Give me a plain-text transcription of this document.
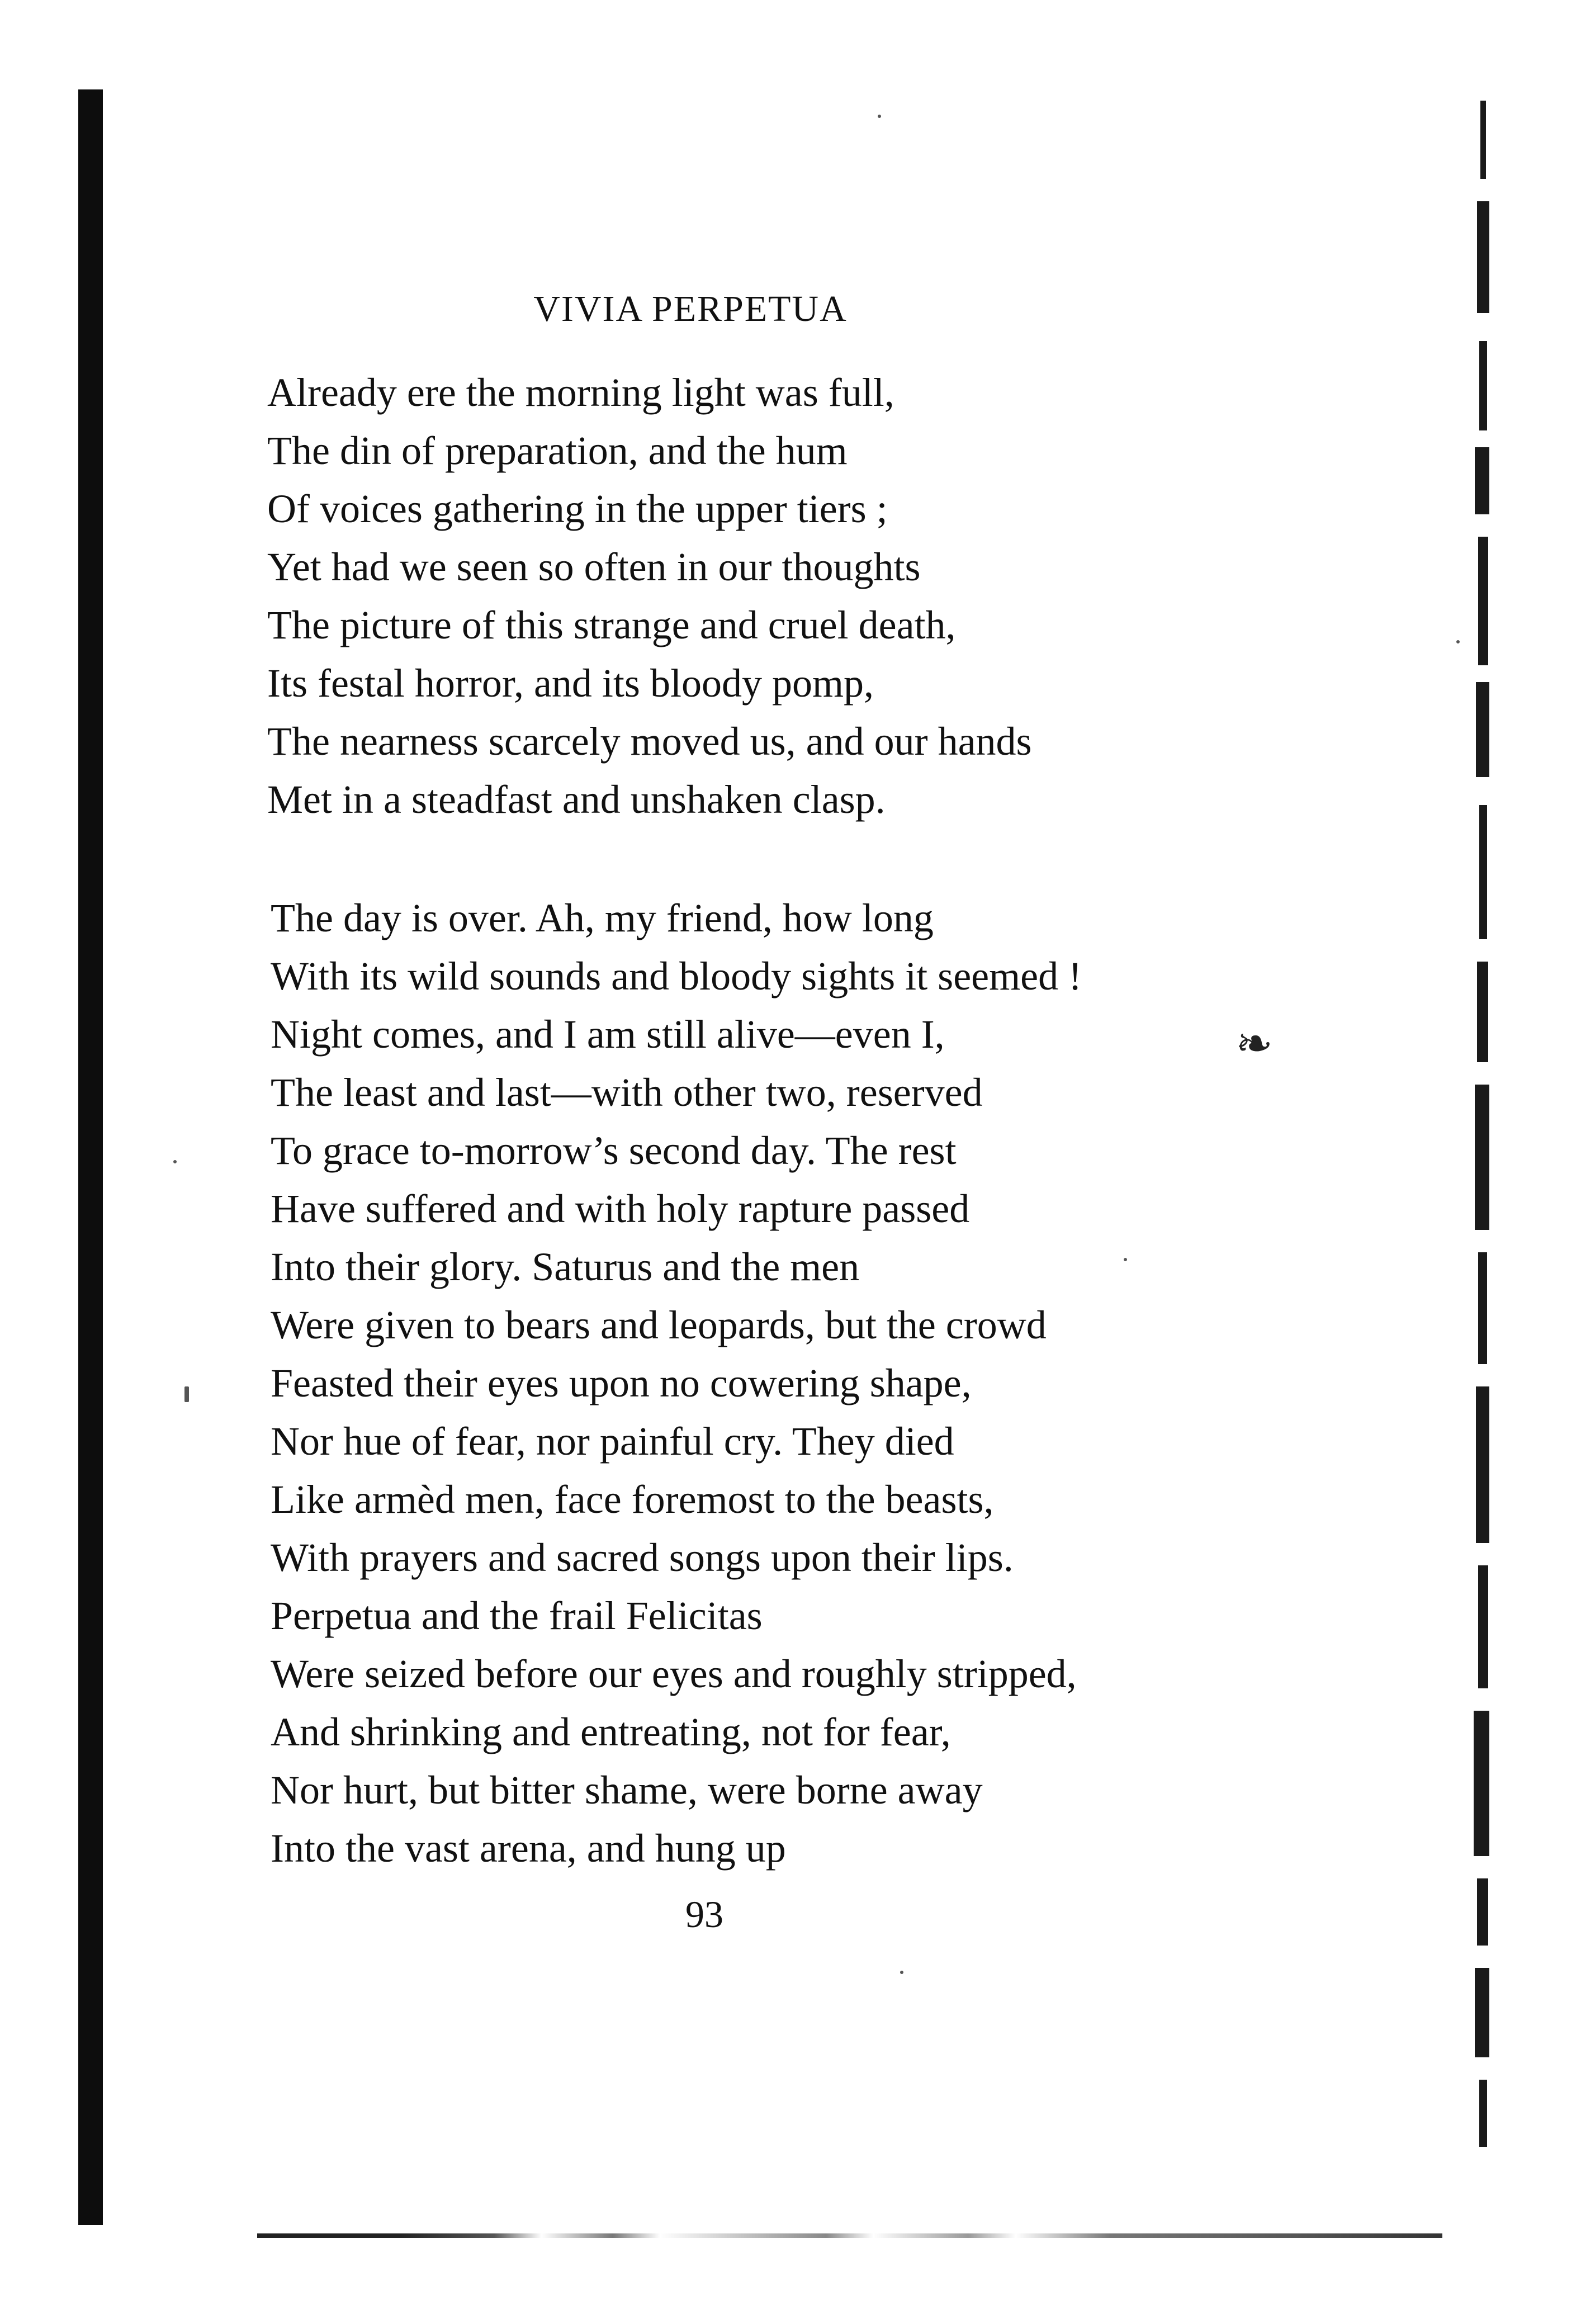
❧
VIVIA PERPETUA
Already ere the morning light was full,
The din of preparation, and the hum
Of voices gathering in the upper tiers ;
Yet had we seen so often in our thoughts
The picture of this strange and cruel death,
Its festal horror, and its bloody pomp,
The nearness scarcely moved us, and our hands
Met in a steadfast and unshaken clasp.
The day is over. Ah, my friend, how long
With its wild sounds and bloody sights it seemed !
Night comes, and I am still alive—even I,
The least and last—with other two, reserved
To grace to-morrow’s second day. The rest
Have suffered and with holy rapture passed
Into their glory. Saturus and the men
Were given to bears and leopards, but the crowd
Feasted their eyes upon no cowering shape,
Nor hue of fear, nor painful cry. They died
Like armèd men, face foremost to the beasts,
With prayers and sacred songs upon their lips.
Perpetua and the frail Felicitas
Were seized before our eyes and roughly stripped,
And shrinking and entreating, not for fear,
Nor hurt, but bitter shame, were borne away
Into the vast arena, and hung up

93
